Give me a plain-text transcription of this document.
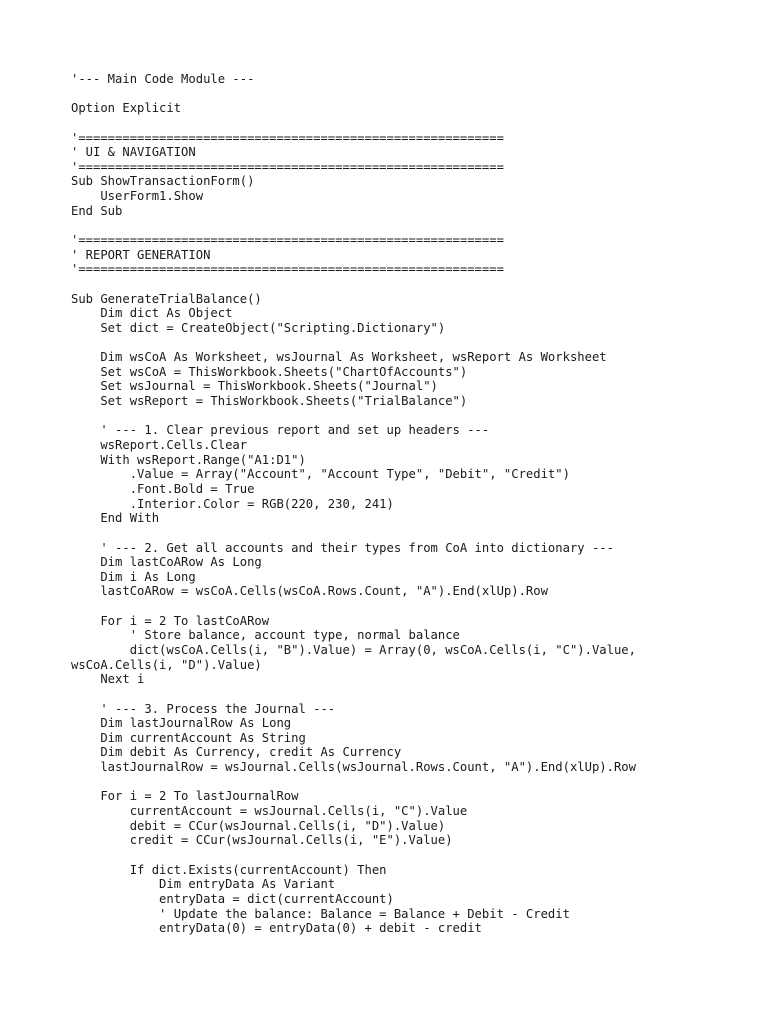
'--- Main Code Module ---
Option Explicit
'==========================================================
' UI & NAVIGATION
'==========================================================
Sub ShowTransactionForm()
UserForm1.Show
End Sub
'==========================================================
' REPORT GENERATION
'==========================================================
Sub GenerateTrialBalance()
Dim dict As Object
Set dict = CreateObject("Scripting.Dictionary")
Dim wsCoA As Worksheet, wsJournal As Worksheet, wsReport As Worksheet
Set wsCoA = ThisWorkbook.Sheets("ChartOfAccounts")
Set wsJournal = ThisWorkbook.Sheets("Journal")
Set wsReport = ThisWorkbook.Sheets("TrialBalance")
' --- 1. Clear previous report and set up headers ---
wsReport.Cells.Clear
With wsReport.Range("A1:D1")
.Value = Array("Account", "Account Type", "Debit", "Credit")
.Font.Bold = True
.Interior.Color = RGB(220, 230, 241)
End With
' --- 2. Get all accounts and their types from CoA into dictionary ---
Dim lastCoARow As Long
Dim i As Long
lastCoARow = wsCoA.Cells(wsCoA.Rows.Count, "A").End(xlUp).Row
For i = 2 To lastCoARow
' Store balance, account type, normal balance
dict(wsCoA.Cells(i, "B").Value) = Array(0, wsCoA.Cells(i, "C").Value,
wsCoA.Cells(i, "D").Value)
Next i
' --- 3. Process the Journal ---
Dim lastJournalRow As Long
Dim currentAccount As String
Dim debit As Currency, credit As Currency
lastJournalRow = wsJournal.Cells(wsJournal.Rows.Count, "A").End(xlUp).Row
For i = 2 To lastJournalRow
currentAccount = wsJournal.Cells(i, "C").Value
debit = CCur(wsJournal.Cells(i, "D").Value)
credit = CCur(wsJournal.Cells(i, "E").Value)
If dict.Exists(currentAccount) Then
Dim entryData As Variant
entryData = dict(currentAccount)
' Update the balance: Balance = Balance + Debit - Credit
entryData(0) = entryData(0) + debit - credit
